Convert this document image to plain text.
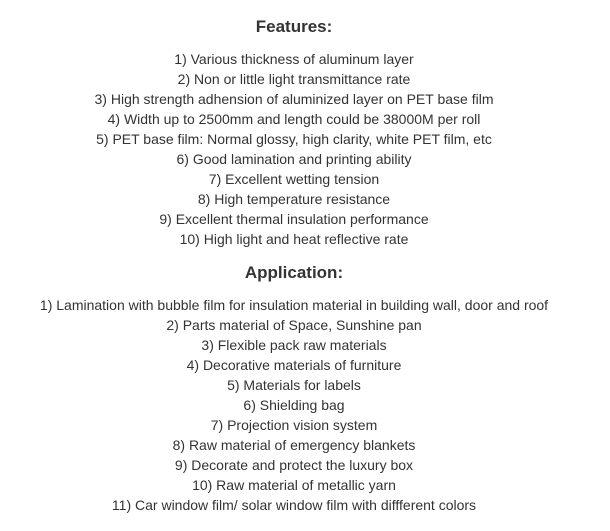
Features:
1) Various thickness of aluminum layer
2) Non or little light transmittance rate
3) High strength adhension of aluminized layer on PET base film
4) Width up to 2500mm and length could be 38000M per roll
5) PET base film: Normal glossy, high clarity, white PET film, etc
6) Good lamination and printing ability
7) Excellent wetting tension
8) High temperature resistance
9) Excellent thermal insulation performance
10) High light and heat reflective rate
Application:
1) Lamination with bubble film for insulation material in building wall, door and roof
2) Parts material of Space, Sunshine pan
3) Flexible pack raw materials
4) Decorative materials of furniture
5) Materials for labels
6) Shielding bag
7) Projection vision system
8) Raw material of emergency blankets
9) Decorate and protect the luxury box
10) Raw material of metallic yarn
11) Car window film/ solar window film with diffferent colors
